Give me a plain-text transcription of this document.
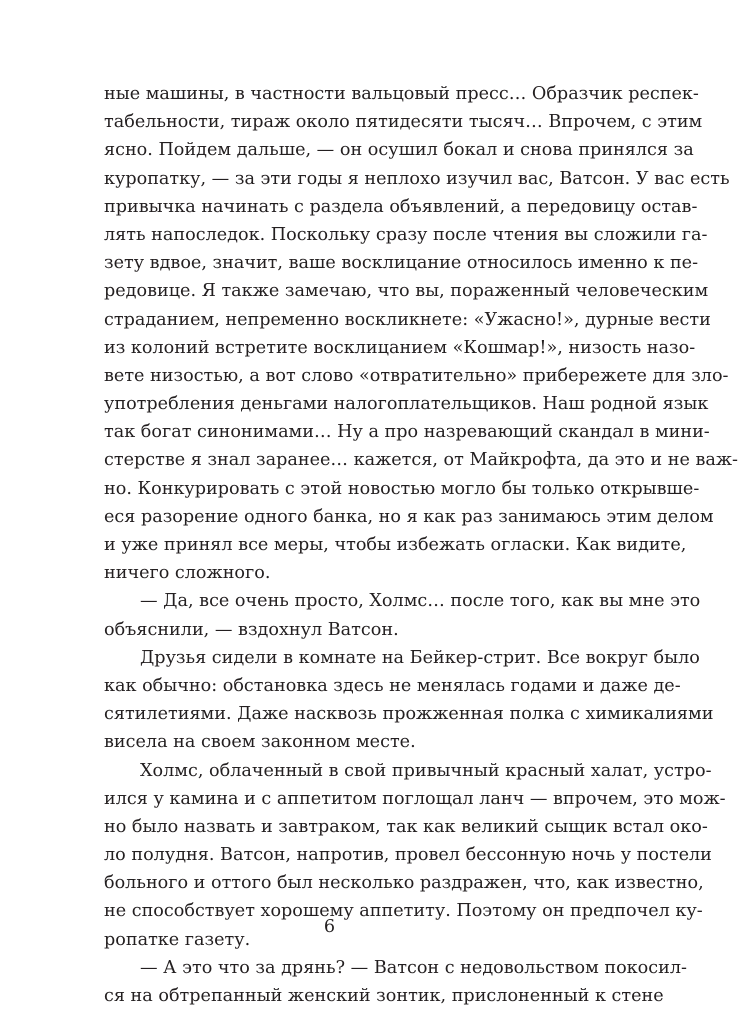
ные машины, в частности вальцовый пресс… Образчик респек-
табельности, тираж около пятидесяти тысяч… Впрочем, с этим
ясно. Пойдем дальше, — он осушил бокал и снова принялся за
куропатку, — за эти годы я неплохо изучил вас, Ватсон. У вас есть
привычка начинать с раздела объявлений, а передовицу остав-
лять напоследок. Поскольку сразу после чтения вы сложили га-
зету вдвое, значит, ваше восклицание относилось именно к пе-
редовице. Я также замечаю, что вы, пораженный человеческим
страданием, непременно воскликнете: «Ужасно!», дурные вести
из колоний встретите восклицанием «Кошмар!», низость назо-
вете низостью, а вот слово «отвратительно» прибережете для зло-
употребления деньгами налогоплательщиков. Наш родной язык
так богат синонимами… Ну а про назревающий скандал в мини-
стерстве я знал заранее… кажется, от Майкрофта, да это и не важ-
но. Конкурировать с этой новостью могло бы только открывше-
еся разорение одного банка, но я как раз занимаюсь этим делом
и уже принял все меры, чтобы избежать огласки. Как видите,
ничего сложного.
— Да, все очень просто, Холмс… после того, как вы мне это
объяснили, — вздохнул Ватсон.
Друзья сидели в комнате на Бейкер-стрит. Все вокруг было
как обычно: обстановка здесь не менялась годами и даже де-
сятилетиями. Даже насквозь прожженная полка с химикалиями
висела на своем законном месте.
Холмс, облаченный в свой привычный красный халат, устро-
ился у камина и с аппетитом поглощал ланч — впрочем, это мож-
но было назвать и завтраком, так как великий сыщик встал око-
ло полудня. Ватсон, напротив, провел бессонную ночь у постели
больного и оттого был несколько раздражен, что, как известно,
не способствует хорошему аппетиту. Поэтому он предпочел ку-
ропатке газету.
— А это что за дрянь? — Ватсон с недовольством покосил-
ся на обтрепанный женский зонтик, прислоненный к стене
6
